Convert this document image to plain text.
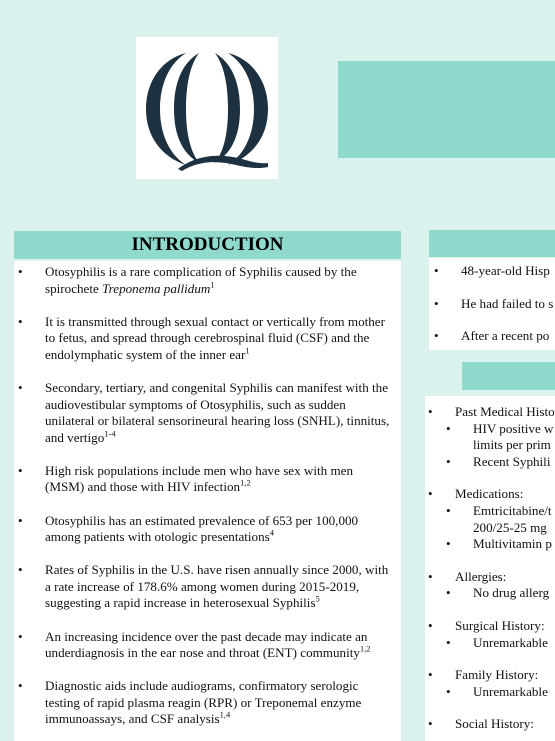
INTRODUCTION
• Otosyphilis is a rare complication of Syphilis caused by the spirochete Treponema pallidum$^1$
• It is transmitted through sexual contact or vertically from mother to fetus, and spread through cerebrospinal fluid (CSF) and the endolymphatic system of the inner ear$^1$
• Secondary, tertiary, and congenital Syphilis can manifest with the audiovestibular symptoms of Otosyphilis, such as sudden unilateral or bilateral sensorineural hearing loss (SNHL), tinnitus, and vertigo$^{1-4}$
• High risk populations include men who have sex with men (MSM) and those with HIV infection$^{1,2}$
• Otosyphilis has an estimated prevalence of 653 per 100,000 among patients with otologic presentations$^4$
• Rates of Syphilis in the U.S. have risen annually since 2000, with a rate increase of 178.6% among women during 2015-2019, suggesting a rapid increase in heterosexual Syphilis$^5$
• An increasing incidence over the past decade may indicate an underdiagnosis in the ear nose and throat (ENT) community$^{1,2}$
• Diagnostic aids include audiograms, confirmatory serologic testing of rapid plasma reagin (RPR) or Treponemal enzyme immunoassays, and CSF analysis$^{1,4}$
• 48-year-old Hisp
• He had failed to s
• After a recent po
• Past Medical Histo
• HIV positive w
limits per prim
• Recent Syphili
• Medications:
• Emtricitabine/t
200/25-25 mg
• Multivitamin p
• Allergies:
• No drug allerg
• Surgical History:
• Unremarkable
• Family History:
• Unremarkable
• Social History:
